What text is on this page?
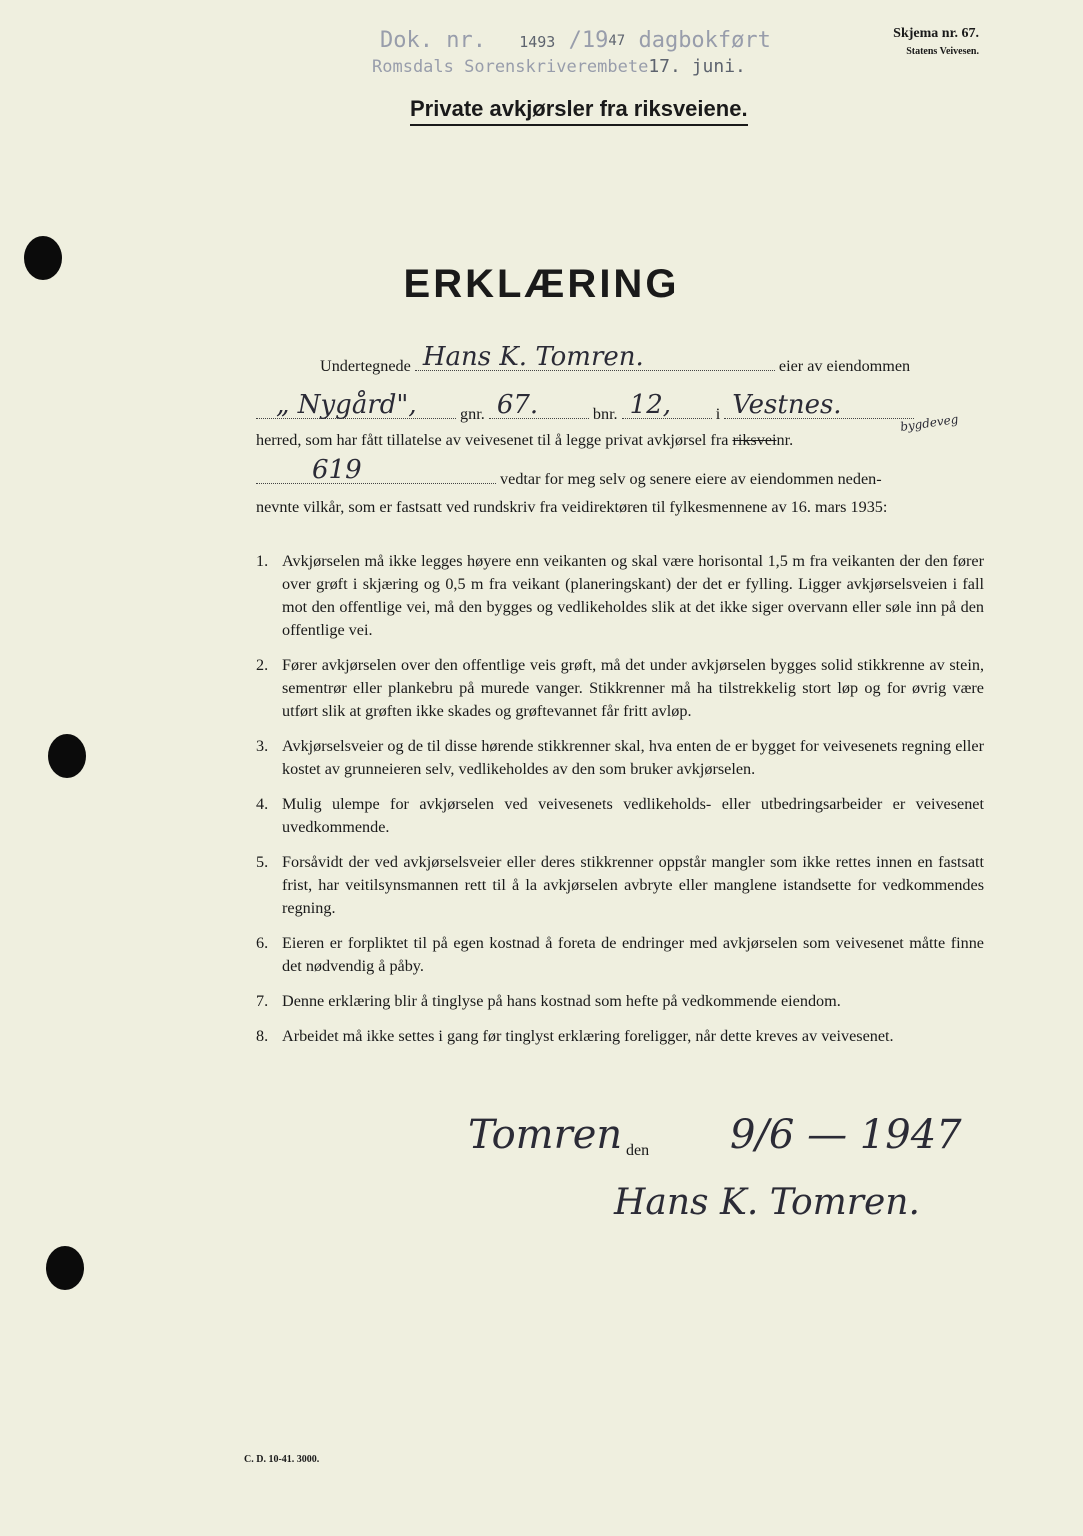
Dok. nr. 1493 /1947 dagbokført
Romsdals Sorenskriverembete17. juni.
Skjema nr. 67.
Statens Veivesen.
Private avkjørsler fra riksveiene.
ERKLÆRING
Undertegnede Hans K. Tomren.	eier av eiendommen
„ Nygård",	gnr. 67.	bnr. 12,	i Vestnes.
herred, som har fått tillatelse av veivesenet til å legge privat avkjørsel fra riksveinr.
bygdeveg
619	vedtar for meg selv og senere eiere av eiendommen neden-
nevnte vilkår, som er fastsatt ved rundskriv fra veidirektøren til fylkesmennene av 16. mars 1935:
1. Avkjørselen må ikke legges høyere enn veikanten og skal være horisontal 1,5 m fra veikanten der den fører over grøft i skjæring og 0,5 m fra veikant (planeringskant) der det er fylling. Ligger avkjørselsveien i fall mot den offentlige vei, må den bygges og vedlikeholdes slik at det ikke siger overvann eller søle inn på den offentlige vei.
2. Fører avkjørselen over den offentlige veis grøft, må det under avkjørselen bygges solid stikkrenne av stein, sementrør eller plankebru på murede vanger. Stikkrenner må ha tilstrekkelig stort løp og for øvrig være utført slik at grøften ikke skades og grøftevannet får fritt avløp.
3. Avkjørselsveier og de til disse hørende stikkrenner skal, hva enten de er bygget for veivesenets regning eller kostet av grunneieren selv, vedlikeholdes av den som bruker avkjørselen.
4. Mulig ulempe for avkjørselen ved veivesenets vedlikeholds- eller utbedringsarbeider er veivesenet uvedkommende.
5. Forsåvidt der ved avkjørselsveier eller deres stikkrenner oppstår mangler som ikke rettes innen en fastsatt frist, har veitilsynsmannen rett til å la avkjørselen avbryte eller manglene istandsette for vedkommendes regning.
6. Eieren er forpliktet til på egen kostnad å foreta de endringer med avkjørselen som veivesenet måtte finne det nødvendig å påby.
7. Denne erklæring blir å tinglyse på hans kostnad som hefte på vedkommende eiendom.
8. Arbeidet må ikke settes i gang før tinglyst erklæring foreligger, når dette kreves av veivesenet.
Tomren den 9/6 — 1947
Hans K. Tomren.
C. D. 10-41. 3000.
